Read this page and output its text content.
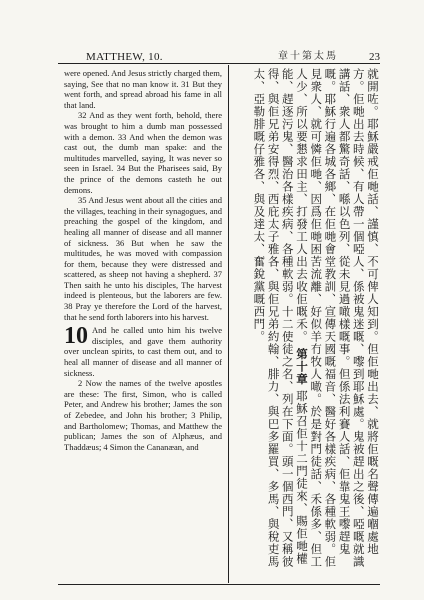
MATTHEW, 10.	章十第太馬	23

were opened. And Jesus strictly charged them, saying, See that no man know it. 31 But they went forth, and spread abroad his fame in all that land.

32 And as they went forth, behold, there was brought to him a dumb man possessed with a demon. 33 And when the demon was cast out, the dumb man spake: and the multitudes marvelled, saying, It was never so seen in Israel. 34 But the Pharisees said, By the prince of the demons casteth he out demons.

35 And Jesus went about all the cities and the villages, teaching in their synagogues, and preaching the gospel of the kingdom, and healing all manner of disease and all manner of sickness. 36 But when he saw the multitudes, he was moved with compassion for them, because they were distressed and scattered, as sheep not having a shepherd. 37 Then saith he unto his disciples, The harvest indeed is plenteous, but the laborers are few. 38 Pray ye therefore the Lord of the harvest, that he send forth laborers into his harvest.

10 And he called unto him his twelve disciples, and gave them authority over unclean spirits, to cast them out, and to heal all manner of disease and all manner of sickness.

2 Now the names of the twelve apostles are these: The first, Simon, who is called Peter, and Andrew his brother; James the son of Zebedee, and John his brother; 3 Philip, and Bartholomew; Thomas, and Matthew the publican; James the son of Alphæus, and Thaddæus; 4 Simon the Cananæan, and	就開咗。耶穌嚴戒佢哋話、謹慎、不可俾人知到。但佢哋出去、就將佢嘅名聲傳遍嗰處地方。佢哋出去時候、有人帶一個啞人、係被鬼迷嘅、嚟到耶穌處。鬼被趕出之後、啞嘅就識講話、衆人都驚奇話、喺以色列、從未見過噉樣嘅事。但係法利賽人話、佢靠鬼王嚟趕鬼嘅。耶穌行遍各城各鄉、在佢哋會堂教訓、宣傳天國嘅福音、醫好各樣疾病、各種軟弱。佢見衆人、就可憐佢哋、因爲佢哋困苦流離、好似羊冇牧人噉。於是對門徒話、禾係多、但工人少、所以要懇求田主、打發工人出去收佢嘅禾。 第十章 耶穌召佢十二門徒來、賜佢哋權能、趕逐污鬼、醫治各樣疾病、各種軟弱。十二使徒之名、列在下面。頭一個西門、又稱彼得、與佢兄弟安得烈、西庇太子雅各、與佢兄弟約翰、腓力、與巴多羅買、多馬、與稅吏馬太、亞勒腓嘅仔雅各、與及達太、奮銳黨嘅西門。
